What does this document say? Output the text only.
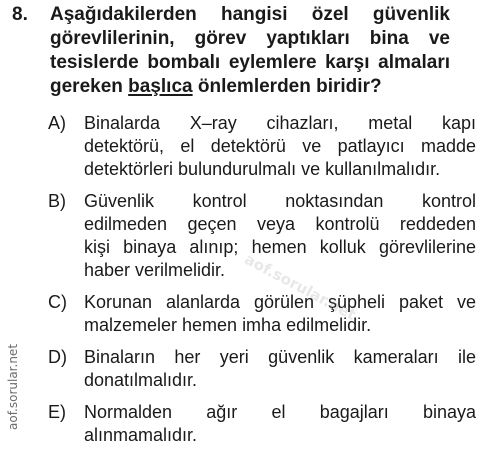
8. Aşağıdakilerden hangisi özel güvenlik
görevlilerinin, görev yaptıkları bina ve
tesislerde bombalı eylemlere karşı almaları
gereken başlıca önlemlerden biridir?
A) Binalarda X–ray cihazları, metal kapı
detektörü, el detektörü ve patlayıcı madde
detektörleri bulundurulmalı ve kullanılmalıdır.
B) Güvenlik kontrol noktasından kontrol
edilmeden geçen veya kontrolü reddeden
kişi binaya alınıp; hemen kolluk görevlilerine
haber verilmelidir.
C) Korunan alanlarda görülen şüpheli paket ve
malzemeler hemen imha edilmelidir.
D) Binaların her yeri güvenlik kameraları ile
donatılmalıdır.
E) Normalden ağır el bagajları binaya
alınmamalıdır.
aof.sorular.net
aof.sorular.net
